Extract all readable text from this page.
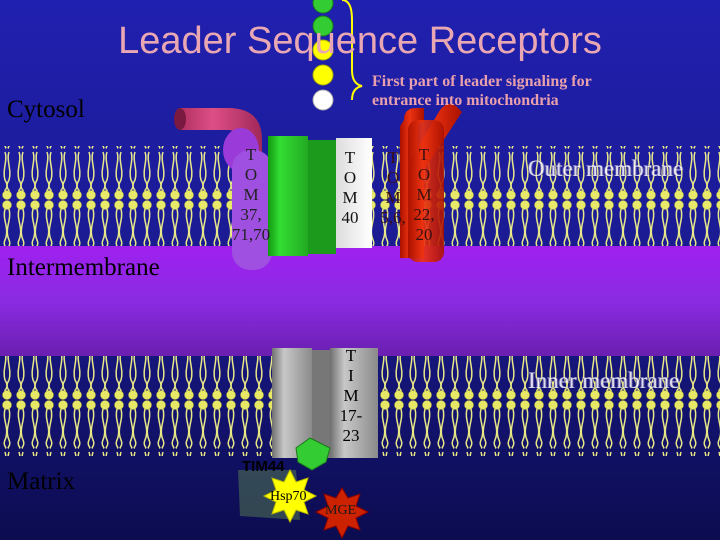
Leader Sequence Receptors
First part of leader signaling for entrance into mitochondria
Cytosol
Intermembrane
Matrix
Outer membrane
Inner membrane
T
O
M
37,
71,70
T
O
M
40
T
O
M
5,6,
T
O
M
22,
20
T
I
M
17-
23
TIM44
Hsp70
MGE
